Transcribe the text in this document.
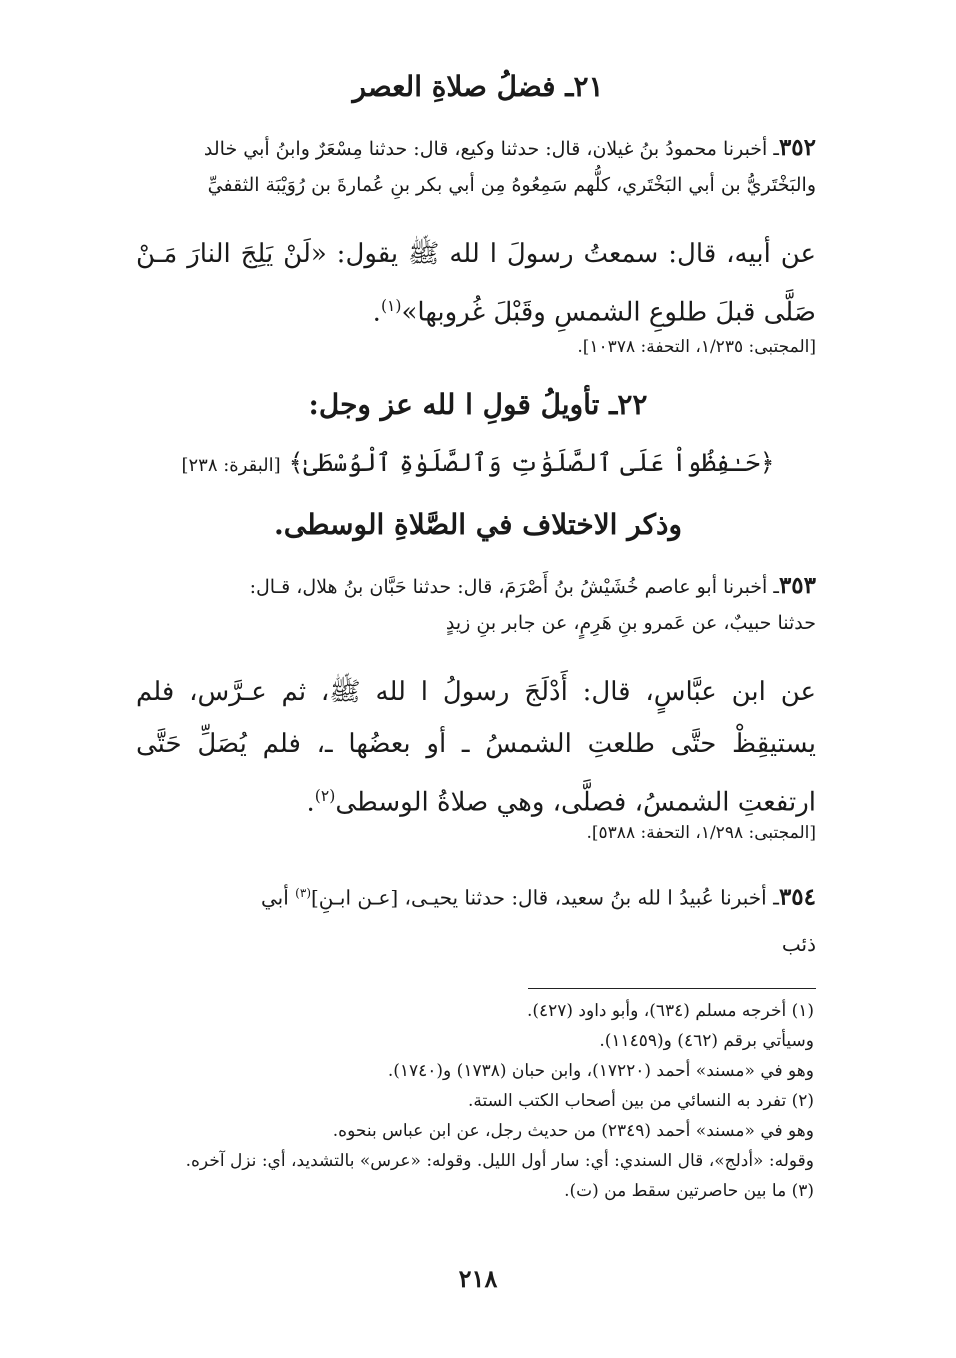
٢١ـ فضلُ صلاةِ العصر
٣٥٢ـ أخبرنا محمودُ بنُ غيلان، قال: حدثنا وكيع، قال: حدثنا مِسْعَرٌ وابنُ أبي خالد
والبَخْتَريُّ بن أبي البَخْتَري، كلُّهم سَمِعُوهُ مِن أبي بكر بنِ عُمارةَ بن رُوَيْبَة الثقفيِّ
عن أبيه، قال: سمعتُ رسولَ ا لله ﷺ يقول: «لَنْ يَلِجَ النارَ مَـنْ صَلَّى قبلَ طلوعِ الشمسِ وقَبْلَ غُروبها»$^{(١)}$.
[المجتبى: ١/٢٣٥، التحفة: ١٠٣٧٨].
٢٢ـ تأويلُ قولِ ا لله عز وجل:
﴿حَـٰفِظُواْ عَلَى ٱلصَّلَوَٰتِ وَٱلصَّلَوٰةِ ٱلْوُسْطَىٰ﴾ [البقرة: ٢٣٨]
وذكر الاختلاف في الصَّلاةِ الوسطى.
٣٥٣ـ أخبرنا أبو عاصم خُشَيْشُ بنُ أَصْرَمَ، قال: حدثنا حَبَّان بنُ هلال، قـال:
حدثنا حبيبٌ، عن عَمرو بنِ هَرِمٍ، عن جابر بنِ زيدٍ
عن ابن عبَّاسٍ، قال: أَدْلَجَ رسولُ ا لله ﷺ، ثم عـرَّس، فلم يستيقِظْ حتَّى طلعتِ الشمسُ ـ أو بعضُها ـ، فلم يُصَلِّ حَتَّى ارتفعتِ الشمسُ، فصلَّى، وهي صلاةُ الوسطى$^{(٢)}$.
[المجتبى: ١/٢٩٨، التحفة: ٥٣٨٨].
٣٥٤ـ أخبرنا عُبيدُ ا لله بنُ سعيد، قال: حدثنا يحيـى، [عـن ابـنِ]$^{(٣)}$ أبي
ذئب
(١) أخرجه مسلم (٦٣٤)، وأبو داود (٤٢٧).
وسيأتي برقم (٤٦٢) و(١١٤٥٩).
وهو في «مسند» أحمد (١٧٢٢٠)، وابن حبان (١٧٣٨) و(١٧٤٠).
(٢) تفرد به النسائي من بين أصحاب الكتب الستة.
وهو في «مسند» أحمد (٢٣٤٩) من حديث رجل، عن ابن عباس بنحوه.
وقوله: «أدلج»، قال السندي: أي: سار أول الليل. وقوله: «عرس» بالتشديد، أي: نزل آخره.
(٣) ما بين حاصرتين سقط من (ت).
٢١٨
